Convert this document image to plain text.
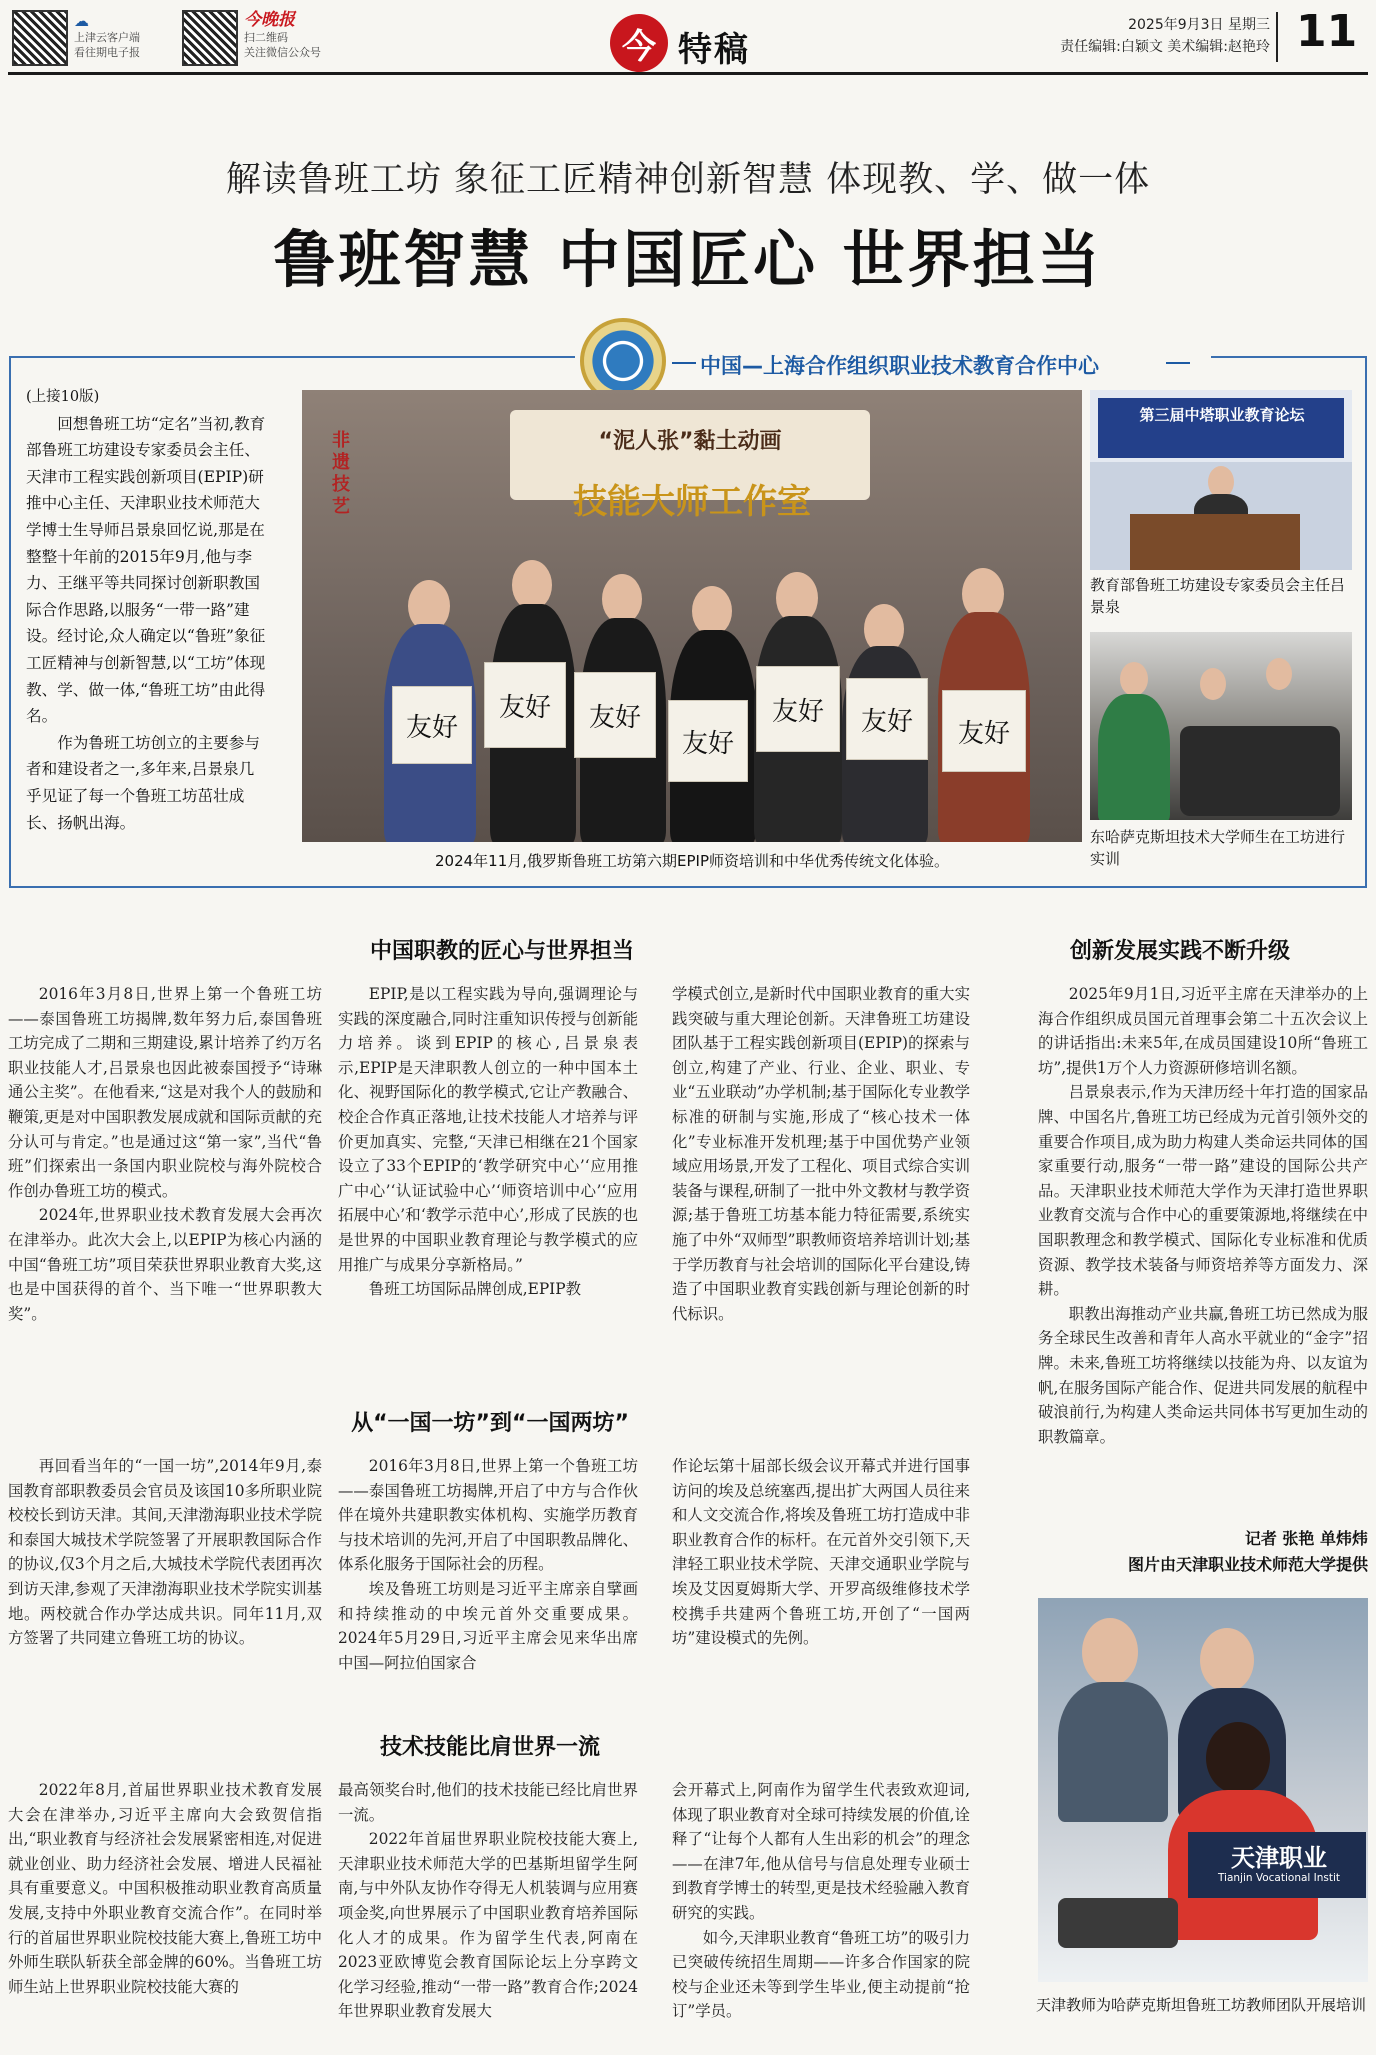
☁
上津云客户端
看往期电子报
今晚报
扫二维码
关注微信公众号	今 特稿
2025年9月3日 星期三
责任编辑:白颖文 美术编辑:赵艳玲 11
解读鲁班工坊 象征工匠精神创新智慧 体现教、学、做一体
鲁班智慧 中国匠心 世界担当
中国—上海合作组织职业技术教育合作中心
(上接10版)

回想鲁班工坊“定名”当初,教育部鲁班工坊建设专家委员会主任、天津市工程实践创新项目(EPIP)研推中心主任、天津职业技术师范大学博士生导师吕景泉回忆说,那是在整整十年前的2015年9月,他与李力、王继平等共同探讨创新职教国际合作思路,以服务“一带一路”建设。经讨论,众人确定以“鲁班”象征工匠精神与创新智慧,以“工坊”体现教、学、做一体,“鲁班工坊”由此得名。

作为鲁班工坊创立的主要参与者和建设者之一,多年来,吕景泉几乎见证了每一个鲁班工坊茁壮成长、扬帆出海。

“泥人张”黏土动画
技能大师工作室
非遗技艺
友好
友好	友好
友好
友好	友好	友好
2024年11月,俄罗斯鲁班工坊第六期EPIP师资培训和中华优秀传统文化体验。
第三届中塔职业教育论坛
教育部鲁班工坊建设专家委员会主任吕景泉
东哈萨克斯坦技术大学师生在工坊进行实训
中国职教的匠心与世界担当

2016年3月8日,世界上第一个鲁班工坊——泰国鲁班工坊揭牌,数年努力后,泰国鲁班工坊完成了二期和三期建设,累计培养了约万名职业技能人才,吕景泉也因此被泰国授予“诗琳通公主奖”。在他看来,“这是对我个人的鼓励和鞭策,更是对中国职教发展成就和国际贡献的充分认可与肯定。”也是通过这“第一家”,当代“鲁班”们探索出一条国内职业院校与海外院校合作创办鲁班工坊的模式。

2024年,世界职业技术教育发展大会再次在津举办。此次大会上,以EPIP为核心内涵的中国“鲁班工坊”项目荣获世界职业教育大奖,这也是中国获得的首个、当下唯一“世界职教大奖”。

EPIP,是以工程实践为导向,强调理论与实践的深度融合,同时注重知识传授与创新能力培养。谈到EPIP的核心,吕景泉表示,EPIP是天津职教人创立的一种中国本土化、视野国际化的教学模式,它让产教融合、校企合作真正落地,让技术技能人才培养与评价更加真实、完整,“天津已相继在21个国家设立了33个EPIP的‘教学研究中心’‘应用推广中心’‘认证试验中心’‘师资培训中心’‘应用拓展中心’和‘教学示范中心’,形成了民族的也是世界的中国职业教育理论与教学模式的应用推广与成果分享新格局。”

鲁班工坊国际品牌创成,EPIP教

学模式创立,是新时代中国职业教育的重大实践突破与重大理论创新。天津鲁班工坊建设团队基于工程实践创新项目(EPIP)的探索与创立,构建了产业、行业、企业、职业、专业“五业联动”办学机制;基于国际化专业教学标准的研制与实施,形成了“核心技术一体化”专业标准开发机理;基于中国优势产业领域应用场景,开发了工程化、项目式综合实训装备与课程,研制了一批中外文教材与教学资源;基于鲁班工坊基本能力特征需要,系统实施了中外“双师型”职教师资培养培训计划;基于学历教育与社会培训的国际化平台建设,铸造了中国职业教育实践创新与理论创新的时代标识。

从“一国一坊”到“一国两坊”

再回看当年的“一国一坊”,2014年9月,泰国教育部职教委员会官员及该国10多所职业院校校长到访天津。其间,天津渤海职业技术学院和泰国大城技术学院签署了开展职教国际合作的协议,仅3个月之后,大城技术学院代表团再次到访天津,参观了天津渤海职业技术学院实训基地。两校就合作办学达成共识。同年11月,双方签署了共同建立鲁班工坊的协议。

2016年3月8日,世界上第一个鲁班工坊——泰国鲁班工坊揭牌,开启了中方与合作伙伴在境外共建职教实体机构、实施学历教育与技术培训的先河,开启了中国职教品牌化、体系化服务于国际社会的历程。

埃及鲁班工坊则是习近平主席亲自擘画和持续推动的中埃元首外交重要成果。2024年5月29日,习近平主席会见来华出席中国—阿拉伯国家合

作论坛第十届部长级会议开幕式并进行国事访问的埃及总统塞西,提出扩大两国人员往来和人文交流合作,将埃及鲁班工坊打造成中非职业教育合作的标杆。在元首外交引领下,天津轻工职业技术学院、天津交通职业学院与埃及艾因夏姆斯大学、开罗高级维修技术学校携手共建两个鲁班工坊,开创了“一国两坊”建设模式的先例。

技术技能比肩世界一流

2022年8月,首届世界职业技术教育发展大会在津举办,习近平主席向大会致贺信指出,“职业教育与经济社会发展紧密相连,对促进就业创业、助力经济社会发展、增进人民福祉具有重要意义。中国积极推动职业教育高质量发展,支持中外职业教育交流合作”。在同时举行的首届世界职业院校技能大赛上,鲁班工坊中外师生联队斩获全部金牌的60%。当鲁班工坊师生站上世界职业院校技能大赛的

最高领奖台时,他们的技术技能已经比肩世界一流。

2022年首届世界职业院校技能大赛上,天津职业技术师范大学的巴基斯坦留学生阿南,与中外队友协作夺得无人机装调与应用赛项金奖,向世界展示了中国职业教育培养国际化人才的成果。作为留学生代表,阿南在2023亚欧博览会教育国际论坛上分享跨文化学习经验,推动“一带一路”教育合作;2024年世界职业教育发展大

会开幕式上,阿南作为留学生代表致欢迎词,体现了职业教育对全球可持续发展的价值,诠释了“让每个人都有人生出彩的机会”的理念——在津7年,他从信号与信息处理专业硕士到教育学博士的转型,更是技术经验融入教育研究的实践。

如今,天津职业教育“鲁班工坊”的吸引力已突破传统招生周期——许多合作国家的院校与企业还未等到学生毕业,便主动提前“抢订”学员。

创新发展实践不断升级

2025年9月1日,习近平主席在天津举办的上海合作组织成员国元首理事会第二十五次会议上的讲话指出:未来5年,在成员国建设10所“鲁班工坊”,提供1万个人力资源研修培训名额。

吕景泉表示,作为天津历经十年打造的国家品牌、中国名片,鲁班工坊已经成为元首引领外交的重要合作项目,成为助力构建人类命运共同体的国家重要行动,服务“一带一路”建设的国际公共产品。天津职业技术师范大学作为天津打造世界职业教育交流与合作中心的重要策源地,将继续在中国职教理念和教学模式、国际化专业标准和优质资源、教学技术装备与师资培养等方面发力、深耕。

职教出海推动产业共赢,鲁班工坊已然成为服务全球民生改善和青年人高水平就业的“金字”招牌。未来,鲁班工坊将继续以技能为舟、以友谊为帆,在服务国际产能合作、促进共同发展的航程中破浪前行,为构建人类命运共同体书写更加生动的职教篇章。

记者 张艳 单炜炜
图片由天津职业技术师范大学提供
天津职业
Tianjin Vocational Instit
天津教师为哈萨克斯坦鲁班工坊教师团队开展培训
